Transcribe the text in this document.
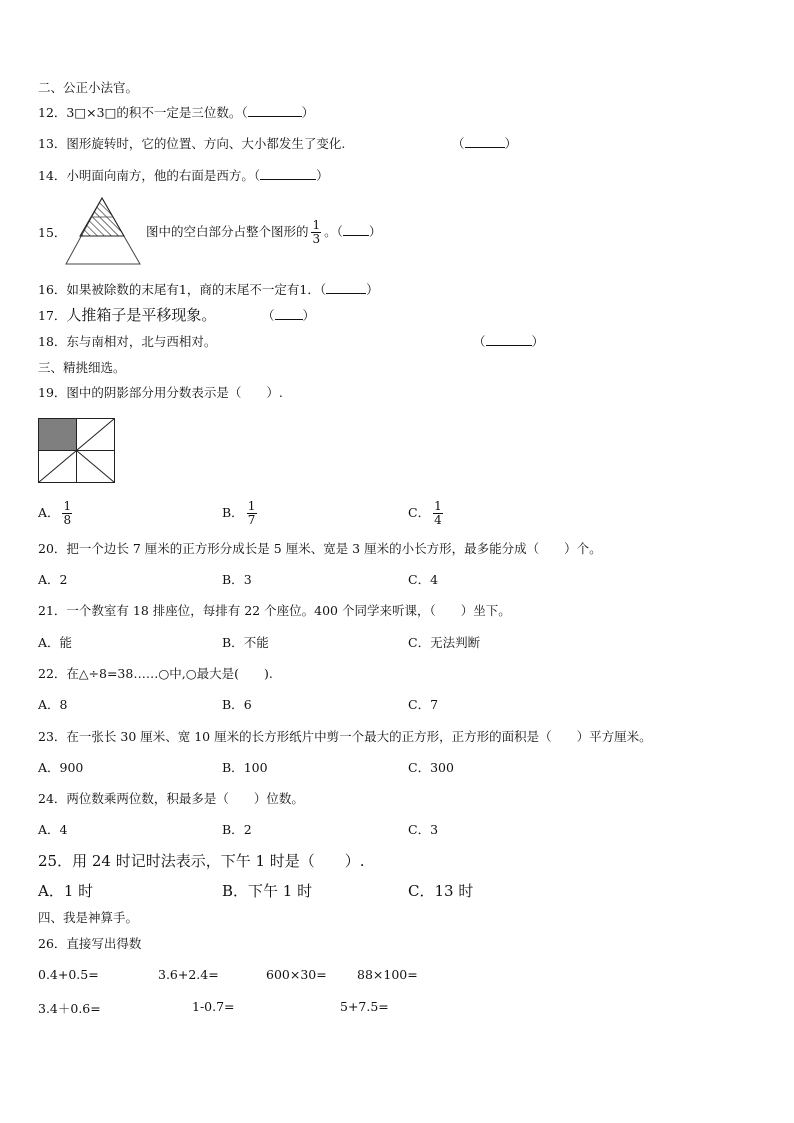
二、公正小法官。
12．3□×3□的积不一定是三位数。（	）
13．图形旋转时，它的位置、方向、大小都发生了变化.	（	）
14．小明面向南方，他的右面是西方。（	）
15．	图中的空白部分占整个图形的 $\frac{1}{3}$ 。（ ）
16．如果被除数的末尾有1，商的末尾不一定有1．（	）
17．人推箱子是平移现象。	（ ）
18．东与南相对，北与西相对。	（	）
三、精挑细选。
19．图中的阴影部分用分数表示是（　　）.
A． $\frac{1}{8}$	B． $\frac{1}{7}$	C． $\frac{1}{4}$
20．把一个边长 7 厘米的正方形分成长是 5 厘米、宽是 3 厘米的小长方形，最多能分成（　　）个。
A．2	B．3	C．4
21．一个教室有 18 排座位，每排有 22 个座位。400 个同学来听课，（　　）坐下。
A．能	B．不能	C．无法判断
22．在△÷8=38……○中,○最大是(　　).
A．8	B．6	C．7
23．在一张长 30 厘米、宽 10 厘米的长方形纸片中剪一个最大的正方形，正方形的面积是（　　）平方厘米。
A．900	B．100	C．300
24．两位数乘两位数，积最多是（　　）位数。
A．4	B．2	C．3
25．用 24 时记时法表示，下午 1 时是（　　）.
A．1 时	B．下午 1 时	C．13 时
四、我是神算手。
26．直接写出得数
0.4+0.5=	3.6+2.4=	600×30= 88×100=
3.4＋0.6=	1-0.7=	5+7.5=
